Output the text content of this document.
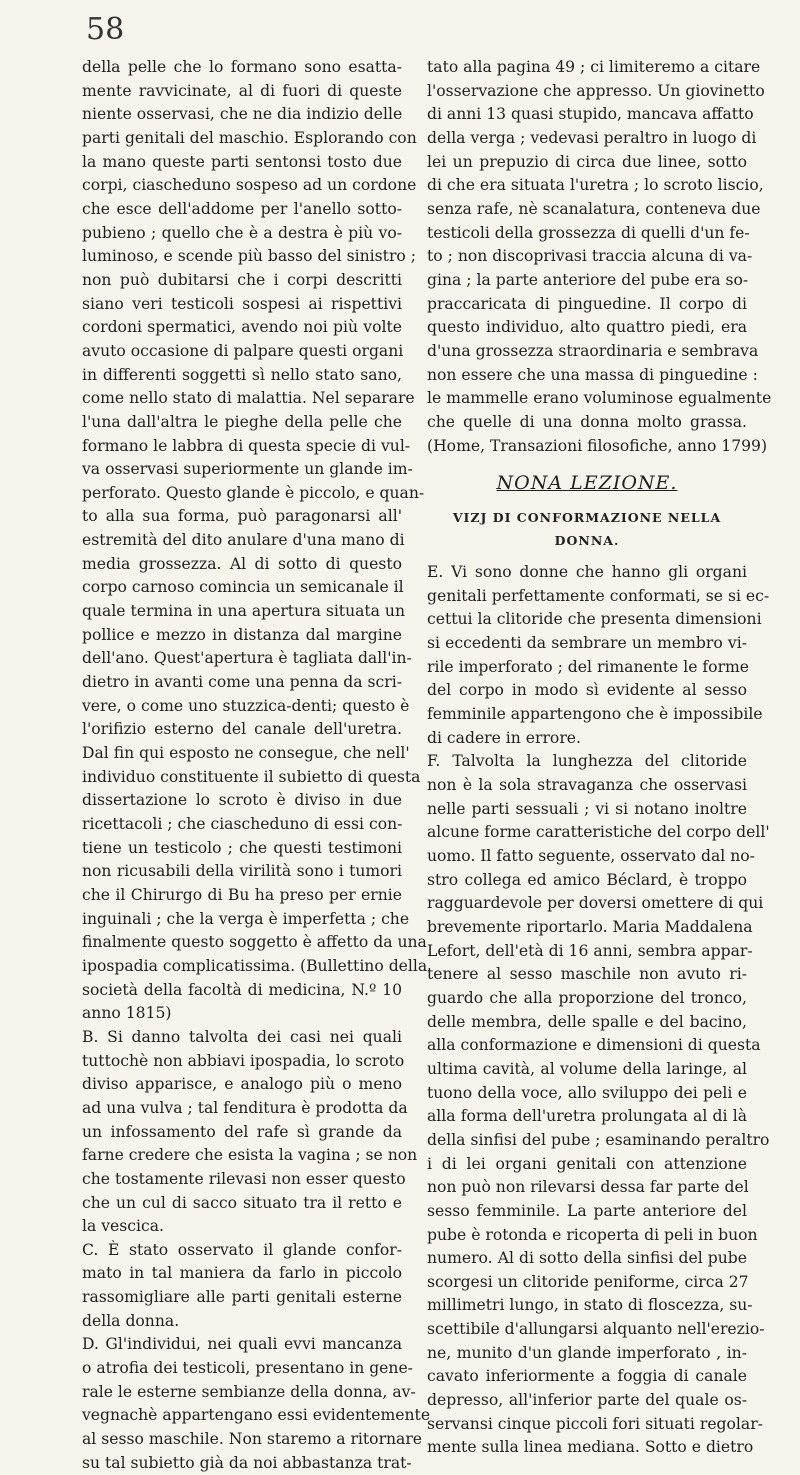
58
della pelle che lo formano sono esatta-
mente ravvicinate, al di fuori di queste
niente osservasi, che ne dia indizio delle
parti genitali del maschio. Esplorando con
la mano queste parti sentonsi tosto due
corpi, ciascheduno sospeso ad un cordone
che esce dell'addome per l'anello sotto-
pubieno ; quello che è a destra è più vo-
luminoso, e scende più basso del sinistro ;
non può dubitarsi che i corpi descritti
siano veri testicoli sospesi ai rispettivi
cordoni spermatici, avendo noi più volte
avuto occasione di palpare questi organi
in differenti soggetti sì nello stato sano,
come nello stato di malattia. Nel separare
l'una dall'altra le pieghe della pelle che
formano le labbra di questa specie di vul-
va osservasi superiormente un glande im-
perforato. Questo glande è piccolo, e quan-
to alla sua forma, può paragonarsi all'
estremità del dito anulare d'una mano di
media grossezza. Al di sotto di questo
corpo carnoso comincia un semicanale il
quale termina in una apertura situata un
pollice e mezzo in distanza dal margine
dell'ano. Quest'apertura è tagliata dall'in-
dietro in avanti come una penna da scri-
vere, o come uno stuzzica-denti; questo è
l'orifizio esterno del canale dell'uretra.
Dal fin qui esposto ne consegue, che nell'
individuo constituente il subietto di questa
dissertazione lo scroto è diviso in due
ricettacoli ; che ciascheduno di essi con-
tiene un testicolo ; che questi testimoni
non ricusabili della virilità sono i tumori
che il Chirurgo di Bu ha preso per ernie
inguinali ; che la verga è imperfetta ; che
finalmente questo soggetto è affetto da una
ipospadia complicatissima. (Bullettino della
società della facoltà di medicina, N.º 10
anno 1815)
B. Si danno talvolta dei casi nei quali
tuttochè non abbiavi ipospadia, lo scroto
diviso apparisce, e analogo più o meno
ad una vulva ; tal fenditura è prodotta da
un infossamento del rafe sì grande da
farne credere che esista la vagina ; se non
che tostamente rilevasi non esser questo
che un cul di sacco situato tra il retto e
la vescica.
C. È stato osservato il glande confor-
mato in tal maniera da farlo in piccolo
rassomigliare alle parti genitali esterne
della donna.
D. Gl'individui, nei quali evvi mancanza
o atrofia dei testicoli, presentano in gene-
rale le esterne sembianze della donna, av-
vegnachè appartengano essi evidentemente
al sesso maschile. Non staremo a ritornare
su tal subietto già da noi abbastanza trat-
tato alla pagina 49 ; ci limiteremo a citare
l'osservazione che appresso. Un giovinetto
di anni 13 quasi stupido, mancava affatto
della verga ; vedevasi peraltro in luogo di
lei un prepuzio di circa due linee, sotto
di che era situata l'uretra ; lo scroto liscio,
senza rafe, nè scanalatura, conteneva due
testicoli della grossezza di quelli d'un fe-
to ; non discoprivasi traccia alcuna di va-
gina ; la parte anteriore del pube era so-
praccaricata di pinguedine. Il corpo di
questo individuo, alto quattro piedi, era
d'una grossezza straordinaria e sembrava
non essere che una massa di pinguedine :
le mammelle erano voluminose egualmente
che quelle di una donna molto grassa.
(Home, Transazioni filosofiche, anno 1799)
NONA LEZIONE.
VIZJ DI CONFORMAZIONE NELLA DONNA.
E. Vi sono donne che hanno gli organi
genitali perfettamente conformati, se si ec-
cettui la clitoride che presenta dimensioni
si eccedenti da sembrare un membro vi-
rile imperforato ; del rimanente le forme
del corpo in modo sì evidente al sesso
femminile appartengono che è impossibile
di cadere in errore.
F. Talvolta la lunghezza del clitoride
non è la sola stravaganza che osservasi
nelle parti sessuali ; vi si notano inoltre
alcune forme caratteristiche del corpo dell'
uomo. Il fatto seguente, osservato dal no-
stro collega ed amico Béclard, è troppo
ragguardevole per doversi omettere di qui
brevemente riportarlo. Maria Maddalena
Lefort, dell'età di 16 anni, sembra appar-
tenere al sesso maschile non avuto ri-
guardo che alla proporzione del tronco,
delle membra, delle spalle e del bacino,
alla conformazione e dimensioni di questa
ultima cavità, al volume della laringe, al
tuono della voce, allo sviluppo dei peli e
alla forma dell'uretra prolungata al di là
della sinfisi del pube ; esaminando peraltro
i di lei organi genitali con attenzione
non può non rilevarsi dessa far parte del
sesso femminile. La parte anteriore del
pube è rotonda e ricoperta di peli in buon
numero. Al di sotto della sinfisi del pube
scorgesi un clitoride peniforme, circa 27
millimetri lungo, in stato di floscezza, su-
scettibile d'allungarsi alquanto nell'erezio-
ne, munito d'un glande imperforato , in-
cavato inferiormente a foggia di canale
depresso, all'inferior parte del quale os-
servansi cinque piccoli fori situati regolar-
mente sulla linea mediana. Sotto e dietro
